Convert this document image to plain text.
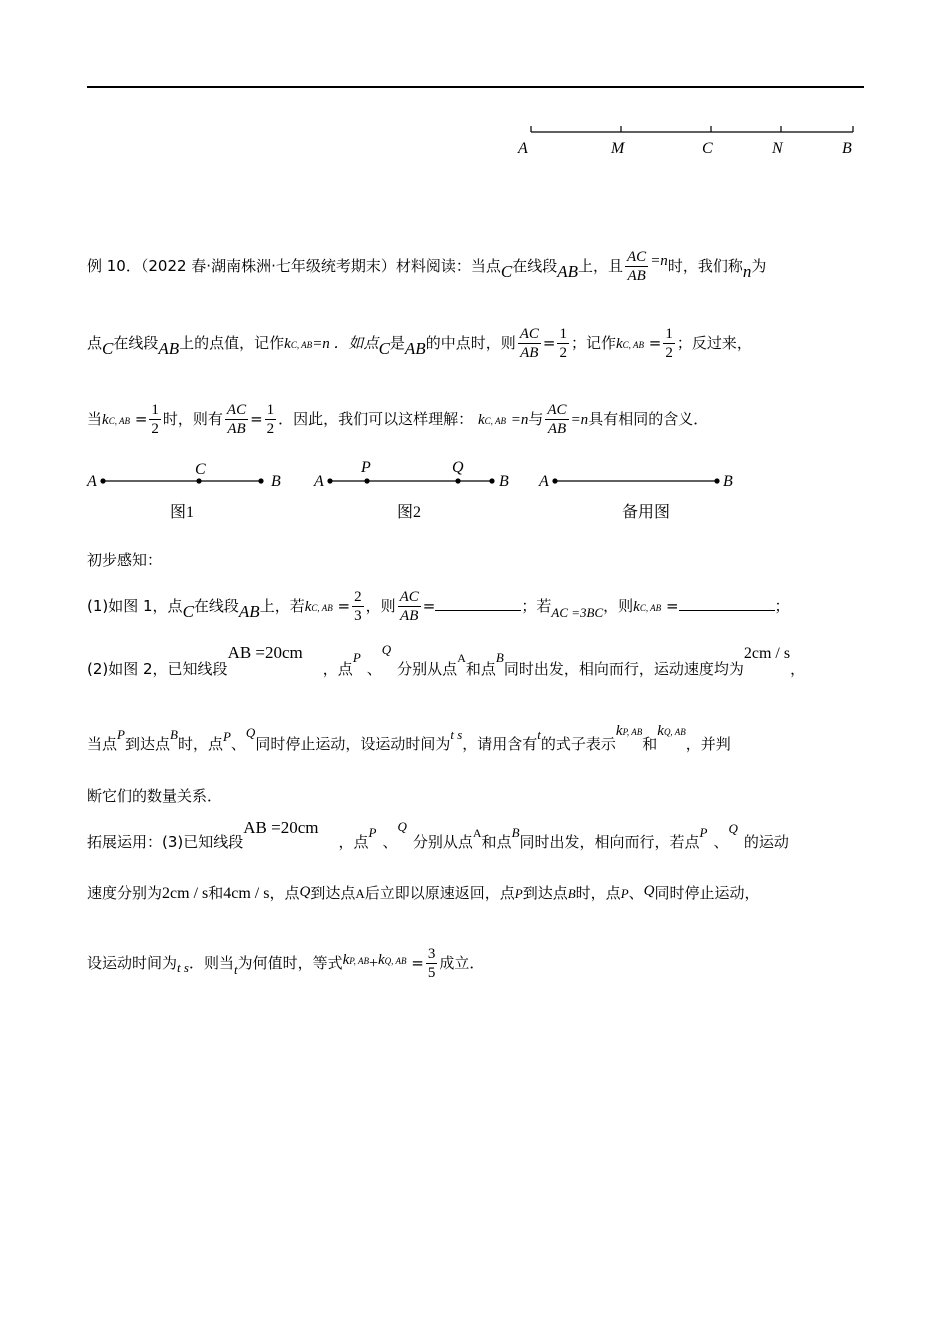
A	M	C	N	B
例 10．（2022 春·湖南株洲·七年级统考期末）材料阅读：当点C在线段AB上，且 $\frac{AC}{AB} =n$时，我们称n为
点C在线段AB上的点值，记作kC, AB=n ．如点C是AB的中点时，则 $\frac{AC}{AB} = \frac{1}{2}$ ；记作kC, AB = $\frac{1}{2}$ ；反过来，
当kC, AB = $\frac{1}{2}$ 时，则有 $\frac{AC}{AB} = \frac{1}{2}$ ．因此，我们可以这样理解： kC, AB =n与 $\frac{AC}{AB} =n$具有相同的含义．
A
C
B
图1
A
P	Q
B
图2
A	B
备用图
初步感知：
(1)如图 1，点C在线段AB上，若kC, AB = $\frac{2}{3}$ ，则 $\frac{AC}{AB}$ =	；若AC =3BC，则kC, AB =	；
(2)如图 2，已知线段AB =20cm，点P、Q分别从点$^A$和点B同时出发，相向而行，运动速度均为2cm / s，
当点P到达点B时，点P、Q同时停止运动，设运动时间为t s，请用含有t的式子表示kP, AB和kQ, AB，并判
断它们的数量关系．
拓展运用：(3)已知线段AB =20cm，点P、Q分别从点$^A$和点B同时出发，相向而行，若点P、Q的运动
速度分别为2cm / s和4cm / s，点Q到达点A后立即以原速返回，点P到达点B时，点P、Q同时停止运动，
设运动时间为t s．则当t为何值时，等式kP, AB+kQ, AB = $\frac{3}{5}$ 成立．
